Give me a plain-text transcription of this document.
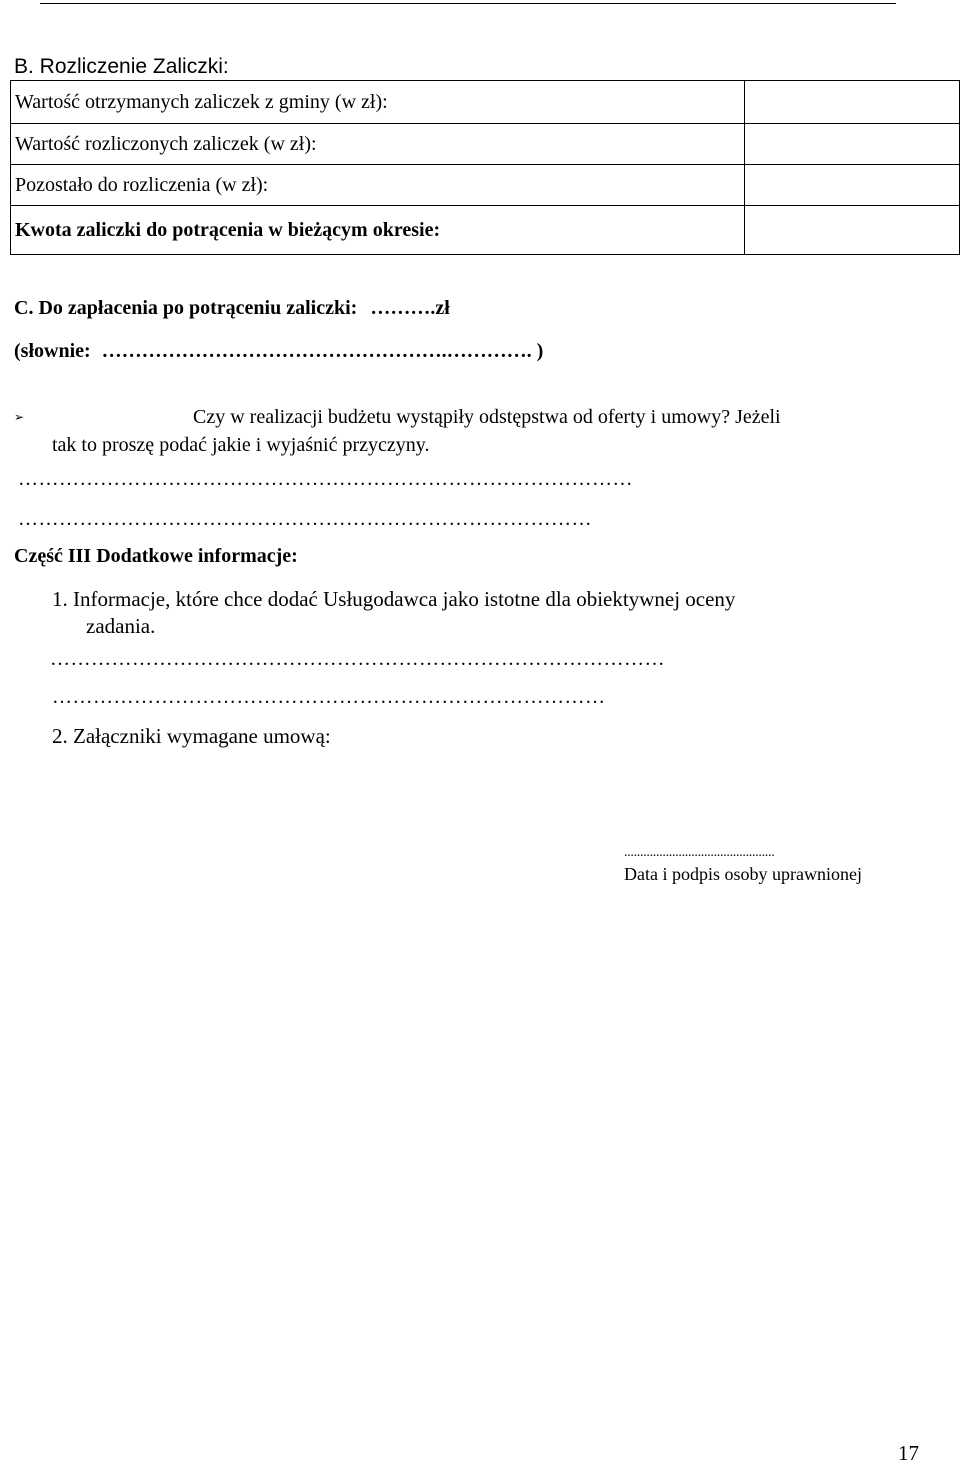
B. Rozliczenie Zaliczki:
Wartość otrzymanych zaliczek z gminy (w zł):	
Wartość rozliczonych zaliczek (w zł):	
Pozostało do rozliczenia (w zł):	
Kwota zaliczki do potrącenia w bieżącym okresie:	
C. Do zapłacenia po potrąceniu zaliczki: ……….zł
(słownie: …………………………………………….…………. )
➢	Czy w realizacji budżetu wystąpiły odstępstwa od oferty i umowy? Jeżeli
tak to proszę podać jakie i wyjaśnić przyczyny.
………………………………………………………………………………
…………………………………………………………………………
Część III Dodatkowe informacje:
1. Informacje, które chce dodać Usługodawca jako istotne dla obiektywnej oceny
zadania.
………………………………………………………………………………
………………………………………………………………………
2. Załączniki wymagane umową:
...............................................
Data i podpis osoby uprawnionej
17
